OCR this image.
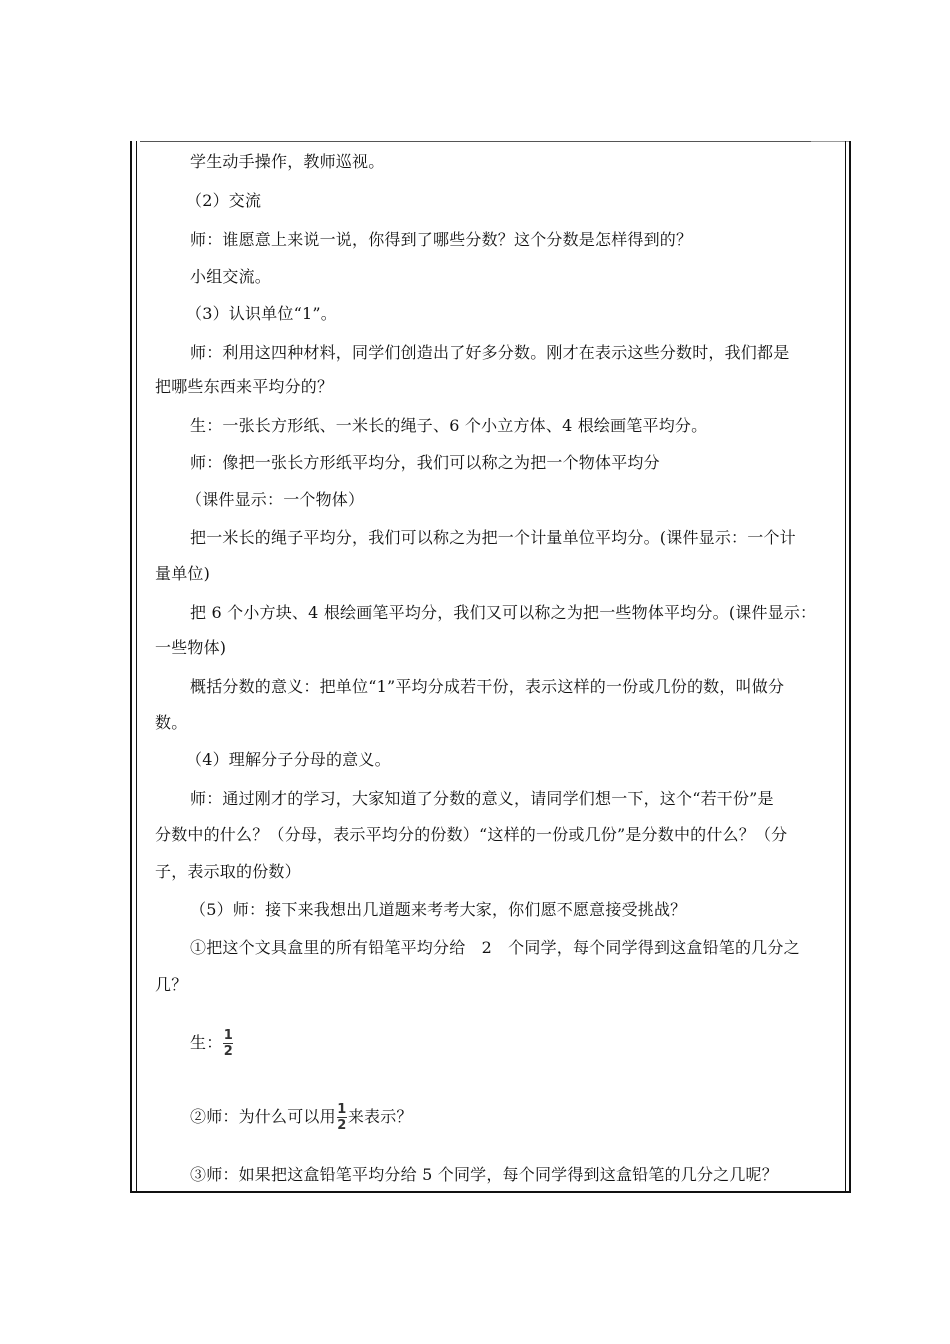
学生动手操作，教师巡视。
（2）交流
师：谁愿意上来说一说，你得到了哪些分数？这个分数是怎样得到的？
小组交流。
（3）认识单位“1”。
师：利用这四种材料，同学们创造出了好多分数。刚才在表示这些分数时，我们都是
把哪些东西来平均分的？
生：一张长方形纸、一米长的绳子、6 个小立方体、4 根绘画笔平均分。
师：像把一张长方形纸平均分，我们可以称之为把一个物体平均分
（课件显示：一个物体）
把一米长的绳子平均分，我们可以称之为把一个计量单位平均分。(课件显示：一个计
量单位)
把 6 个小方块、4 根绘画笔平均分，我们又可以称之为把一些物体平均分。(课件显示：
一些物体)
概括分数的意义：把单位“1”平均分成若干份，表示这样的一份或几份的数，叫做分
数。
（4）理解分子分母的意义。
师：通过刚才的学习，大家知道了分数的意义，请同学们想一下，这个“若干份”是
分数中的什么？（分母，表示平均分的份数）“这样的一份或几份”是分数中的什么？（分
子，表示取的份数）
（5）师：接下来我想出几道题来考考大家，你们愿不愿意接受挑战？
①把这个文具盒里的所有铅笔平均分给　2　个同学，每个同学得到这盒铅笔的几分之
几？
生： $\frac{1}{2}$
②师：为什么可以用 $\frac{1}{2}$ 来表示？
③师：如果把这盒铅笔平均分给 5 个同学，每个同学得到这盒铅笔的几分之几呢？
